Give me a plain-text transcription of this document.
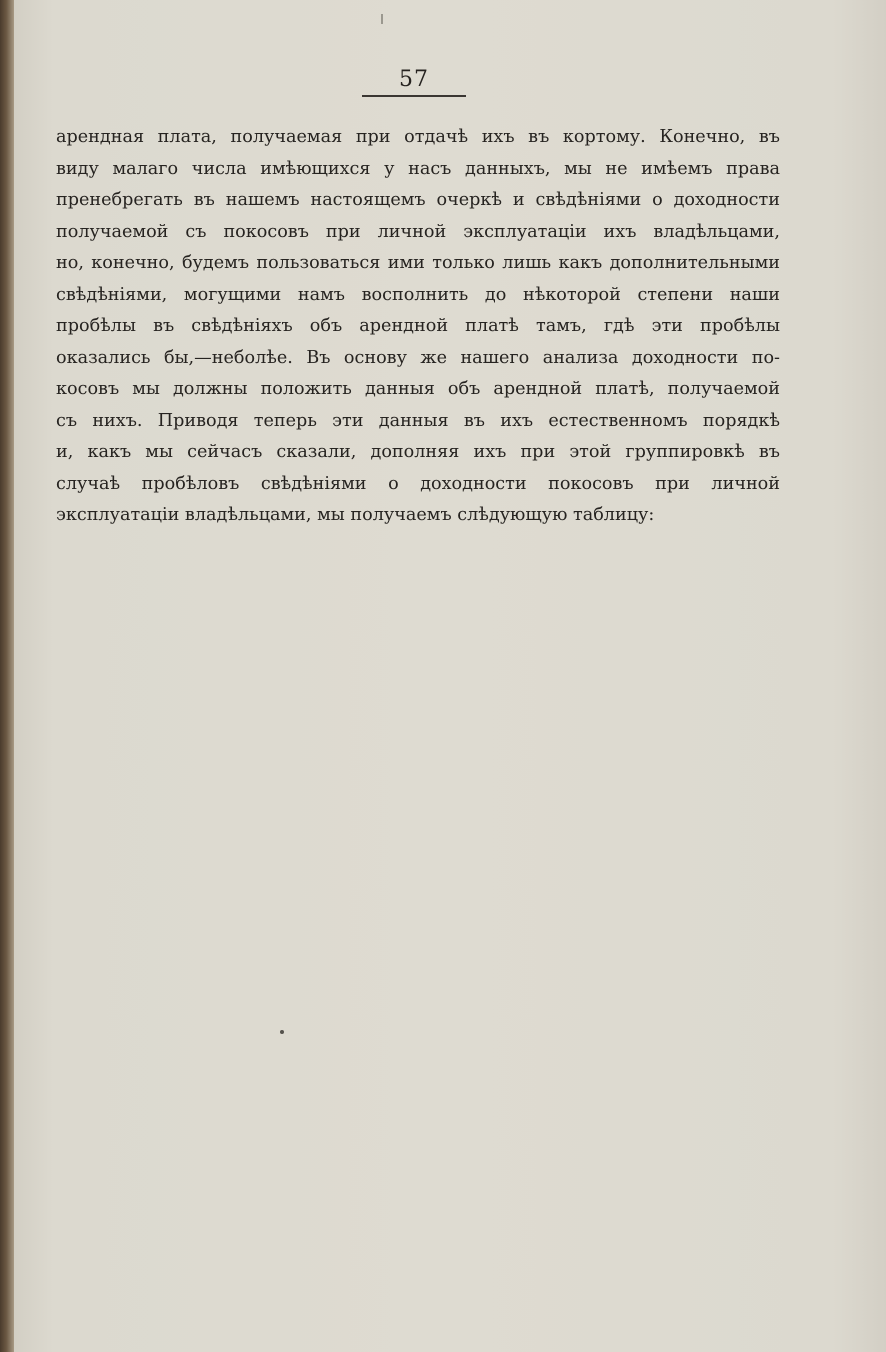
57
арендная плата, получаемая при отдачѣ ихъ въ кортому. Конечно, въ
виду малаго числа имѣющихся у насъ данныхъ, мы не имѣемъ права
пренебрегать въ нашемъ настоящемъ очеркѣ и свѣдѣніями о доходности
получаемой съ покосовъ при личной эксплуатаціи ихъ владѣльцами,
но, конечно, будемъ пользоваться ими только лишь какъ дополнительными
свѣдѣніями, могущими намъ восполнить до нѣкоторой степени наши
пробѣлы въ свѣдѣніяхъ объ арендной платѣ тамъ, гдѣ эти пробѣлы
оказались бы,—неболѣе. Въ основу же нашего анализа доходности по-
косовъ мы должны положить данныя объ арендной платѣ, получаемой
съ нихъ. Приводя теперь эти данныя въ ихъ естественномъ порядкѣ
и, какъ мы сейчасъ сказали, дополняя ихъ при этой группировкѣ въ
случаѣ пробѣловъ свѣдѣніями о доходности покосовъ при личной
эксплуатаціи владѣльцами, мы получаемъ слѣдующую таблицу:
